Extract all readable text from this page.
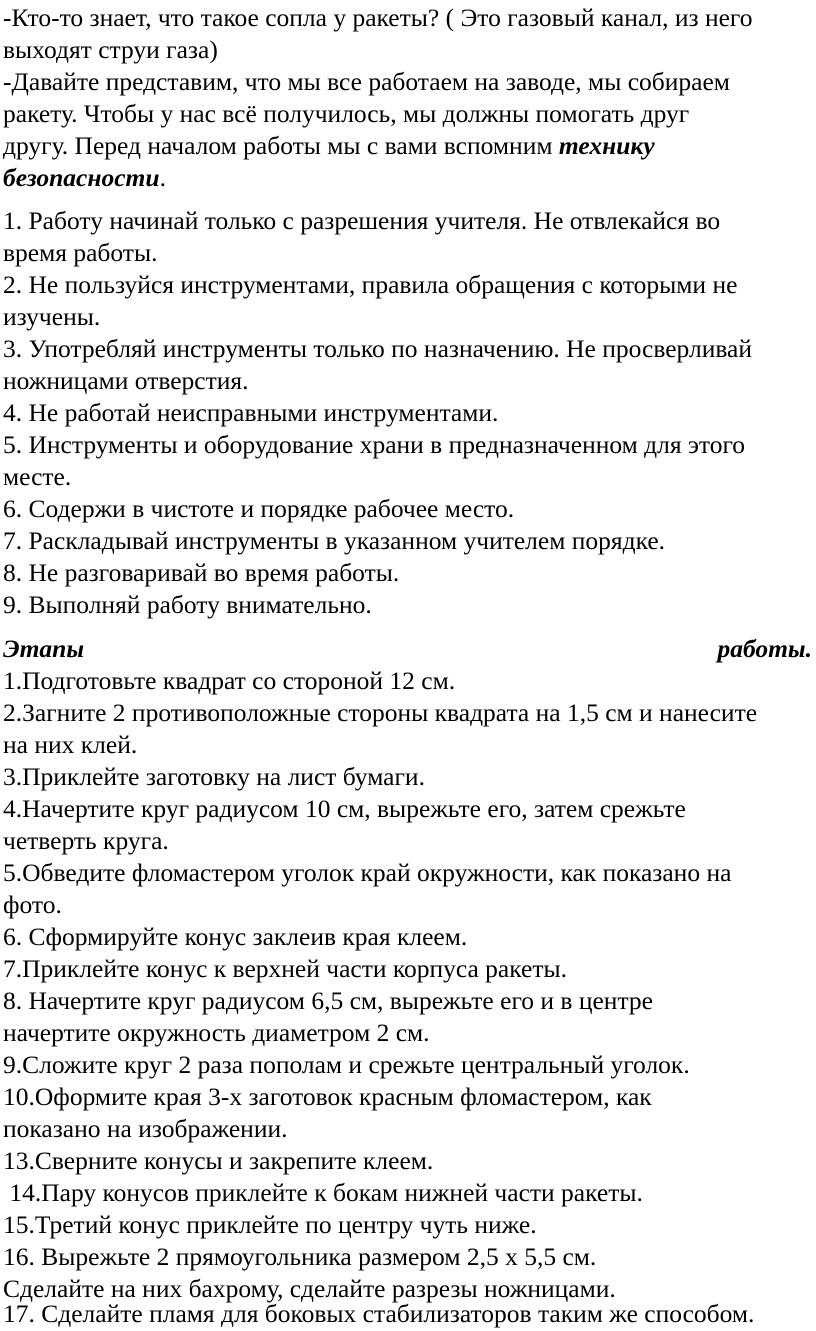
-Кто-то знает, что такое сопла у ракеты? ( Это газовый канал, из него
выходят струи газа)
-Давайте представим, что мы все работаем на заводе, мы собираем
ракету. Чтобы у нас всё получилось, мы должны помогать друг
другу. Перед началом работы мы с вами вспомним технику
безопасности.
1. Работу начинай только с разрешения учителя. Не отвлекайся во
время работы.
2. Не пользуйся инструментами, правила обращения с которыми не
изучены.
3. Употребляй инструменты только по назначению. Не просверливай
ножницами отверстия.
4. Не работай неисправными инструментами.
5. Инструменты и оборудование храни в предназначенном для этого
месте.
6. Содержи в чистоте и порядке рабочее место.
7. Раскладывай инструменты в указанном учителем порядке.
8. Не разговаривай во время работы.
9. Выполняй работу внимательно.
Этапы	работы.
1.Подготовьте квадрат со стороной 12 см.
2.Загните 2 противоположные стороны квадрата на 1,5 см и нанесите
на них клей.
3.Приклейте заготовку на лист бумаги.
4.Начертите круг радиусом 10 см, вырежьте его, затем срежьте
четверть круга.
5.Обведите фломастером уголок край окружности, как показано на
фото.
6. Сформируйте конус заклеив края клеем.
7.Приклейте конус к верхней части корпуса ракеты.
8. Начертите круг радиусом 6,5 см, вырежьте его и в центре
начертите окружность диаметром 2 см.
9.Сложите круг 2 раза пополам и срежьте центральный уголок.
10.Оформите края 3-х заготовок красным фломастером, как
показано на изображении.
13.Сверните конусы и закрепите клеем.
14.Пару конусов приклейте к бокам нижней части ракеты.
15.Третий конус приклейте по центру чуть ниже.
16. Вырежьте 2 прямоугольника размером 2,5 х 5,5 см.
Сделайте на них бахрому, сделайте разрезы ножницами.
17. Сделайте пламя для боковых стабилизаторов таким же способом.
